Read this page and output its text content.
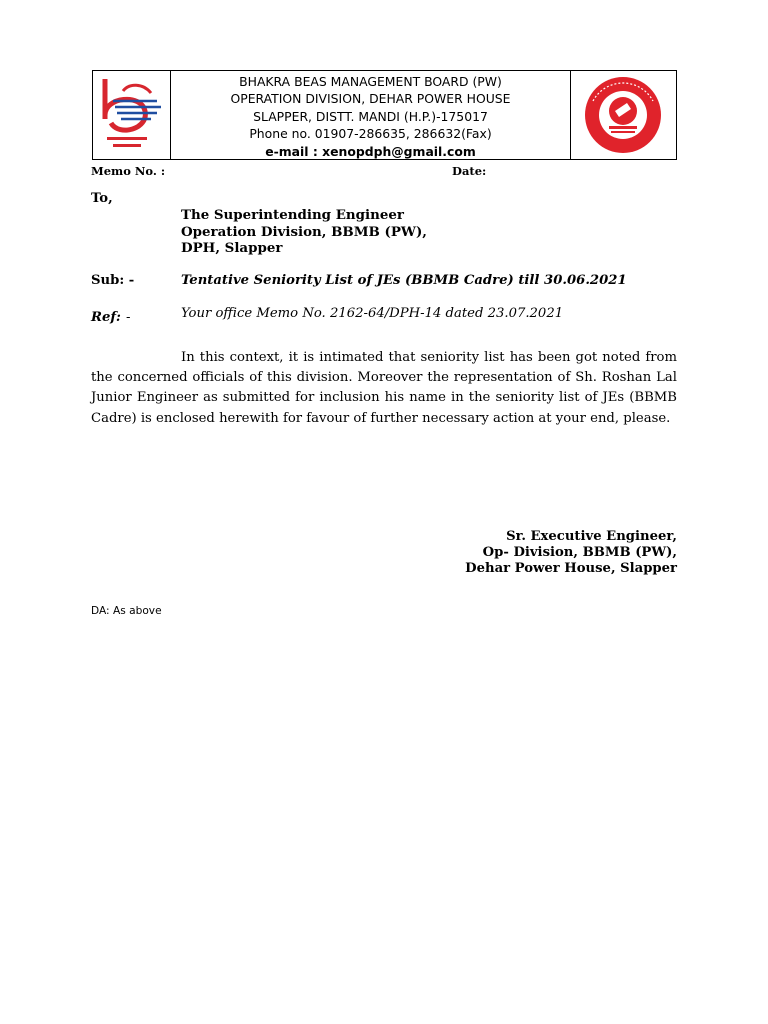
BHAKRA BEAS MANAGEMENT BOARD (PW)
OPERATION DIVISION, DEHAR POWER HOUSE
SLAPPER, DISTT. MANDI (H.P.)-175017
Phone no. 01907-286635, 286632(Fax)
e-mail : xenopdph@gmail.com
Memo No. :	Date:
To,
The Superintending Engineer
Operation Division, BBMB (PW),
DPH, Slapper
Sub: -	Tentative Seniority List of JEs (BBMB Cadre) till 30.06.2021
Ref: -	Your office Memo No. 2162-64/DPH-14 dated 23.07.2021
In this context, it is intimated that seniority list has been got noted from the concerned officials of this division. Moreover the representation of Sh. Roshan Lal Junior Engineer as submitted for inclusion his name in the seniority list of JEs (BBMB Cadre) is enclosed herewith for favour of further necessary action at your end, please.
Sr. Executive Engineer,
Op- Division, BBMB (PW),
Dehar Power House, Slapper
DA: As above
